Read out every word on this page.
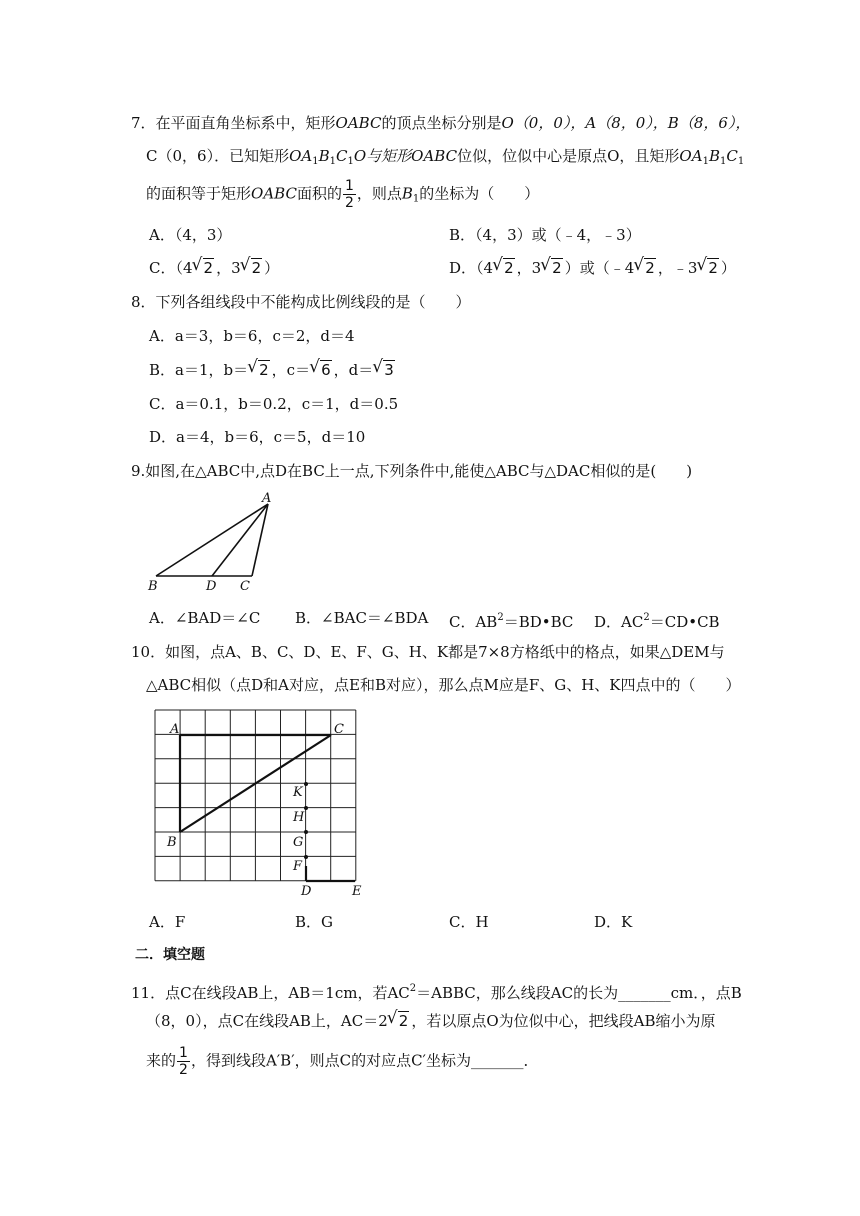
7．在平面直角坐标系中，矩形OABC的顶点坐标分别是O（0，0），A（8，0），B（8，6），
C（0，6）．已知矩形$OA_1B_1C_1O$与矩形OABC位似，位似中心是原点O，且矩形$OA_1B_1C_1$
的面积等于矩形OABC面积的 $\frac{1}{2}$ ，则点$B_1$的坐标为（　　）
A．（4，3）	B．（4，3）或（﹣4，﹣3）
C．（4 √ 2 ，3 √ 2 ）	D．（4 √ 2 ，3 √ 2 ）或（﹣4 √ 2 ，﹣3 √ 2 ）
8．下列各组线段中不能构成比例线段的是（　　）
A．a＝3，b＝6，c＝2，d＝4
B．a＝1，b＝ √ 2 ，c＝ √ 6 ，d＝ √ 3
C．a＝0.1，b＝0.2，c＝1，d＝0.5
D．a＝4，b＝6，c＝5，d＝10
9.如图,在△ABC中,点D在BC上一点,下列条件中,能使△ABC与△DAC相似的是(　　)
A
B	D C
A．∠BAD＝∠C B．∠BAC＝∠BDA C．$AB^2=BD•BC$ D．$AC^2=CD•CB$
10．如图，点A、B、C、D、E、F、G、H、K都是7×8方格纸中的格点，如果△DEM与
△ABC相似（点D和A对应，点E和B对应），那么点M应是F、G、H、K四点中的（　　）
A	C
B
K
H
G
F
D	E
A．F	B．G	C．H	D．K
二．填空题
11．点C在线段AB上，AB＝1cm，若$AC^2=ABBC$，那么线段AC的长为_______cm．，点B
（8，0），点C在线段AB上，AC＝2 √ 2 ，若以原点O为位似中心，把线段AB缩小为原
来的 $\frac{1}{2}$ ，得到线段A′B′，则点C的对应点C′坐标为_______．
